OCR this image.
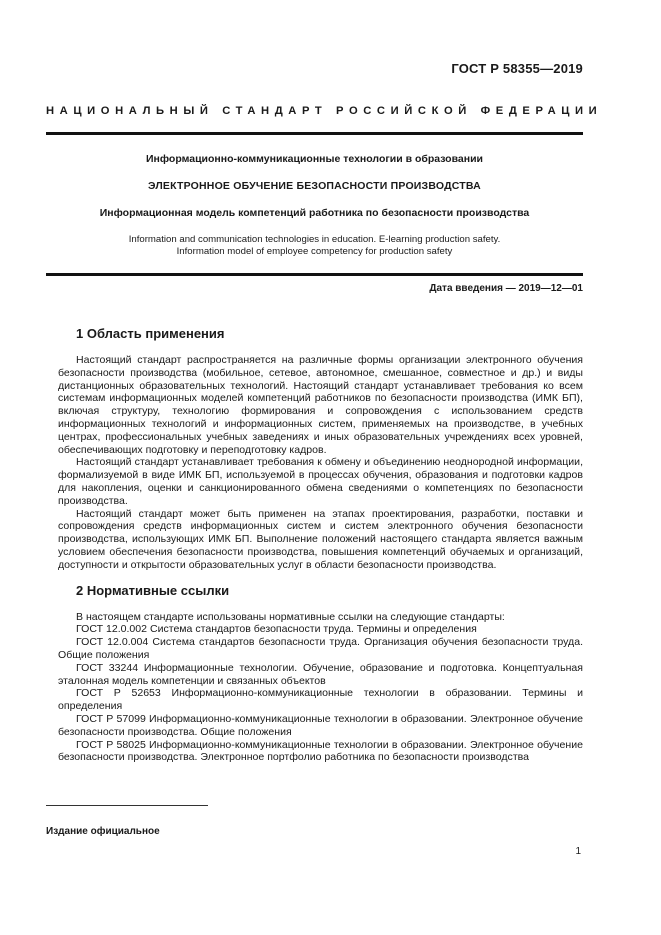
ГОСТ Р 58355—2019
НАЦИОНАЛЬНЫЙ СТАНДАРТ РОССИЙСКОЙ ФЕДЕРАЦИИ
Информационно-коммуникационные технологии в образовании
ЭЛЕКТРОННОЕ ОБУЧЕНИЕ БЕЗОПАСНОСТИ ПРОИЗВОДСТВА
Информационная модель компетенций работника по безопасности производства
Information and communication technologies in education. E-learning production safety.
Information model of employee competency for production safety
Дата введения — 2019—12—01
1 Область применения

Настоящий стандарт распространяется на различные формы организации электронного обучения безопасности производства (мобильное, сетевое, автономное, смешанное, совместное и др.) и виды дистанционных образовательных технологий. Настоящий стандарт устанавливает требования ко всем системам информационных моделей компетенций работников по безопасности производства (ИМК БП), включая структуру, технологию формирования и сопровождения с использованием средств информационных технологий и информационных систем, применяемых на производстве, в учебных центрах, профессиональных учебных заведениях и иных образовательных учреждениях всех уровней, обеспечивающих подготовку и переподготовку кадров.

Настоящий стандарт устанавливает требования к обмену и объединению неоднородной информации, формализуемой в виде ИМК БП, используемой в процессах обучения, образования и подготовки кадров для накопления, оценки и санкционированного обмена сведениями о компетенциях по безопасности производства.

Настоящий стандарт может быть применен на этапах проектирования, разработки, поставки и сопровождения средств информационных систем и систем электронного обучения безопасности производства, использующих ИМК БП. Выполнение положений настоящего стандарта является важным условием обеспечения безопасности производства, повышения компетенций обучаемых и организаций, доступности и открытости образовательных услуг в области безопасности производства.

2 Нормативные ссылки

В настоящем стандарте использованы нормативные ссылки на следующие стандарты:

ГОСТ 12.0.002 Система стандартов безопасности труда. Термины и определения

ГОСТ 12.0.004 Система стандартов безопасности труда. Организация обучения безопасности труда. Общие положения

ГОСТ 33244 Информационные технологии. Обучение, образование и подготовка. Концептуальная эталонная модель компетенции и связанных объектов

ГОСТ Р 52653 Информационно-коммуникационные технологии в образовании. Термины и определения

ГОСТ Р 57099 Информационно-коммуникационные технологии в образовании. Электронное обучение безопасности производства. Общие положения

ГОСТ Р 58025 Информационно-коммуникационные технологии в образовании. Электронное обучение безопасности производства. Электронное портфолио работника по безопасности производства

Издание официальное
1
